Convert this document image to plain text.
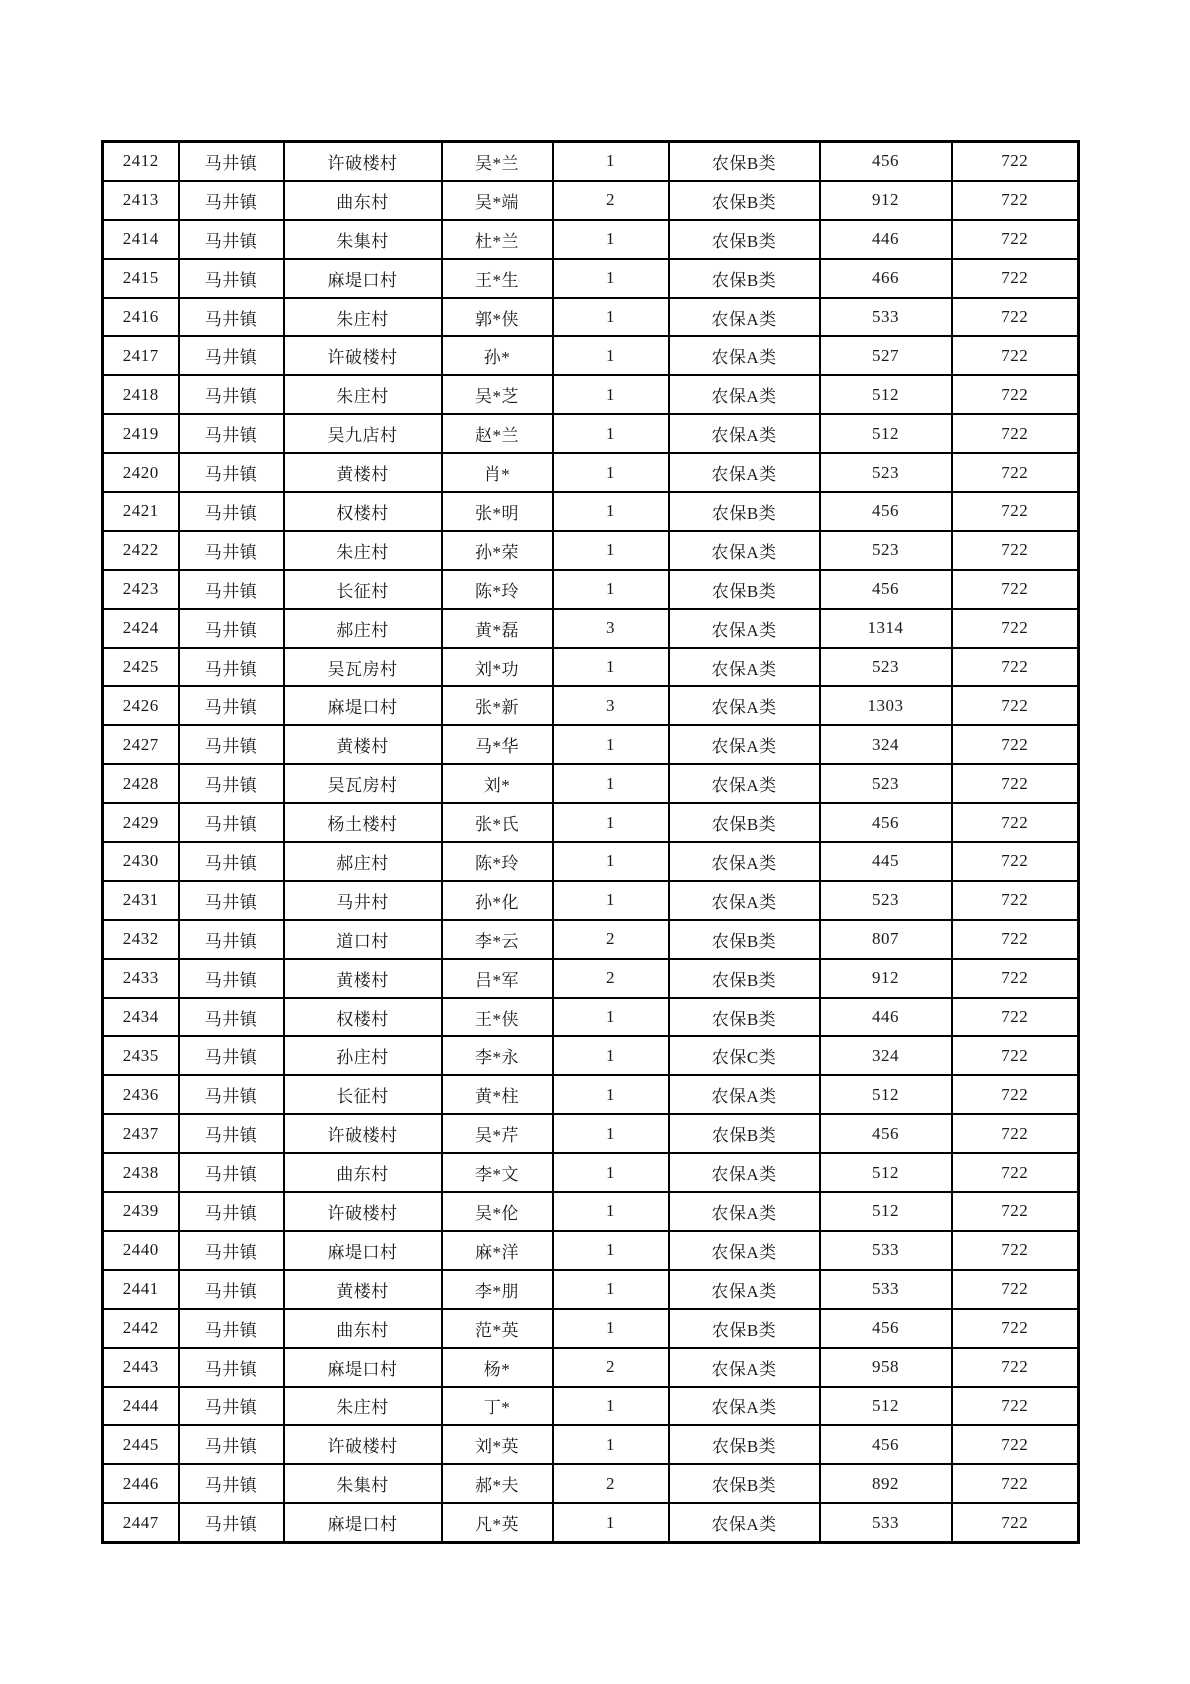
2412	马井镇	许破楼村	吴*兰	1	农保B类	456	722
2413	马井镇	曲东村	吴*端	2	农保B类	912	722
2414	马井镇	朱集村	杜*兰	1	农保B类	446	722
2415	马井镇	麻堤口村	王*生	1	农保B类	466	722
2416	马井镇	朱庄村	郭*侠	1	农保A类	533	722
2417	马井镇	许破楼村	孙*	1	农保A类	527	722
2418	马井镇	朱庄村	吴*芝	1	农保A类	512	722
2419	马井镇	吴九店村	赵*兰	1	农保A类	512	722
2420	马井镇	黄楼村	肖*	1	农保A类	523	722
2421	马井镇	权楼村	张*明	1	农保B类	456	722
2422	马井镇	朱庄村	孙*荣	1	农保A类	523	722
2423	马井镇	长征村	陈*玲	1	农保B类	456	722
2424	马井镇	郝庄村	黄*磊	3	农保A类	1314	722
2425	马井镇	吴瓦房村	刘*功	1	农保A类	523	722
2426	马井镇	麻堤口村	张*新	3	农保A类	1303	722
2427	马井镇	黄楼村	马*华	1	农保A类	324	722
2428	马井镇	吴瓦房村	刘*	1	农保A类	523	722
2429	马井镇	杨土楼村	张*氏	1	农保B类	456	722
2430	马井镇	郝庄村	陈*玲	1	农保A类	445	722
2431	马井镇	马井村	孙*化	1	农保A类	523	722
2432	马井镇	道口村	李*云	2	农保B类	807	722
2433	马井镇	黄楼村	吕*军	2	农保B类	912	722
2434	马井镇	权楼村	王*侠	1	农保B类	446	722
2435	马井镇	孙庄村	李*永	1	农保C类	324	722
2436	马井镇	长征村	黄*柱	1	农保A类	512	722
2437	马井镇	许破楼村	吴*芹	1	农保B类	456	722
2438	马井镇	曲东村	李*文	1	农保A类	512	722
2439	马井镇	许破楼村	吴*伦	1	农保A类	512	722
2440	马井镇	麻堤口村	麻*洋	1	农保A类	533	722
2441	马井镇	黄楼村	李*朋	1	农保A类	533	722
2442	马井镇	曲东村	范*英	1	农保B类	456	722
2443	马井镇	麻堤口村	杨*	2	农保A类	958	722
2444	马井镇	朱庄村	丁*	1	农保A类	512	722
2445	马井镇	许破楼村	刘*英	1	农保B类	456	722
2446	马井镇	朱集村	郝*夫	2	农保B类	892	722
2447	马井镇	麻堤口村	凡*英	1	农保A类	533	722
